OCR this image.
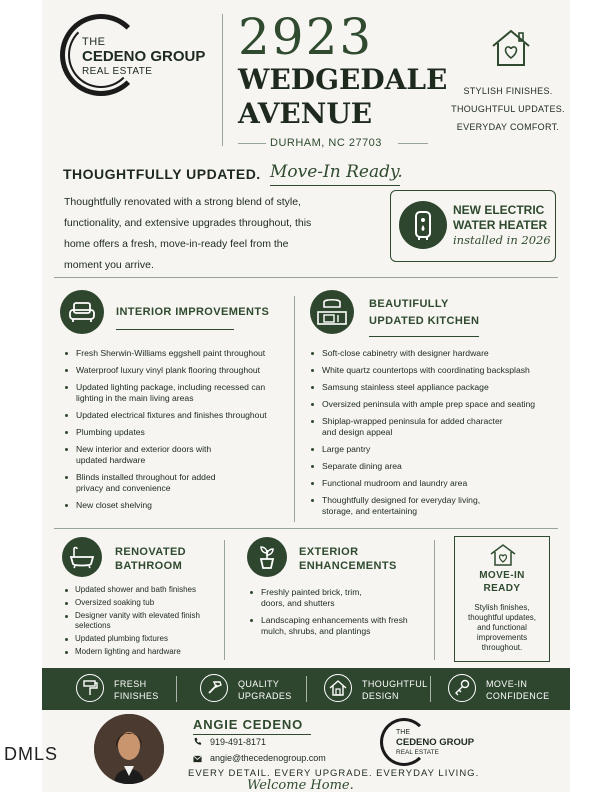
THE
CEDENO GROUP
REAL ESTATE
2923
WEDGEDALE
AVENUE
DURHAM, NC 27703
STYLISH FINISHES.
THOUGHTFUL UPDATES.
EVERYDAY COMFORT.
THOUGHTFULLY UPDATED. Move-In Ready.
Thoughtfully renovated with a strong blend of style, functionality, and extensive upgrades throughout, this home offers a fresh, move-in-ready feel from the moment you arrive.
NEW ELECTRIC
WATER HEATER
installed in 2026
INTERIOR IMPROVEMENTS
Fresh Sherwin-Williams eggshell paint throughout
Waterproof luxury vinyl plank flooring throughout
Updated lighting package, including recessed can lighting in the main living areas
Updated electrical fixtures and finishes throughout
Plumbing updates
New interior and exterior doors with updated hardware
Blinds installed throughout for added privacy and convenience
New closet shelving
BEAUTIFULLY
UPDATED KITCHEN
Soft-close cabinetry with designer hardware
White quartz countertops with coordinating backsplash
Samsung stainless steel appliance package
Oversized peninsula with ample prep space and seating
Shiplap-wrapped peninsula for added character and design appeal
Large pantry
Separate dining area
Functional mudroom and laundry area
Thoughtfully designed for everyday living, storage, and entertaining
RENOVATED
BATHROOM
Updated shower and bath finishes
Oversized soaking tub
Designer vanity with elevated finish selections
Updated plumbing fixtures
Modern lighting and hardware
EXTERIOR
ENHANCEMENTS
Freshly painted brick, trim, doors, and shutters
Landscaping enhancements with fresh mulch, shrubs, and plantings
MOVE-IN
READY
Stylish finishes, thoughtful updates, and functional improvements throughout.
FRESH
FINISHES
QUALITY
UPGRADES
THOUGHTFUL
DESIGN
MOVE-IN
CONFIDENCE
DMLS
ANGIE CEDENO
919-491-8171
angie@thecedenogroup.com
THE
CEDENO GROUP
REAL ESTATE
EVERY DETAIL. EVERY UPGRADE. EVERYDAY LIVING.
Welcome Home.
